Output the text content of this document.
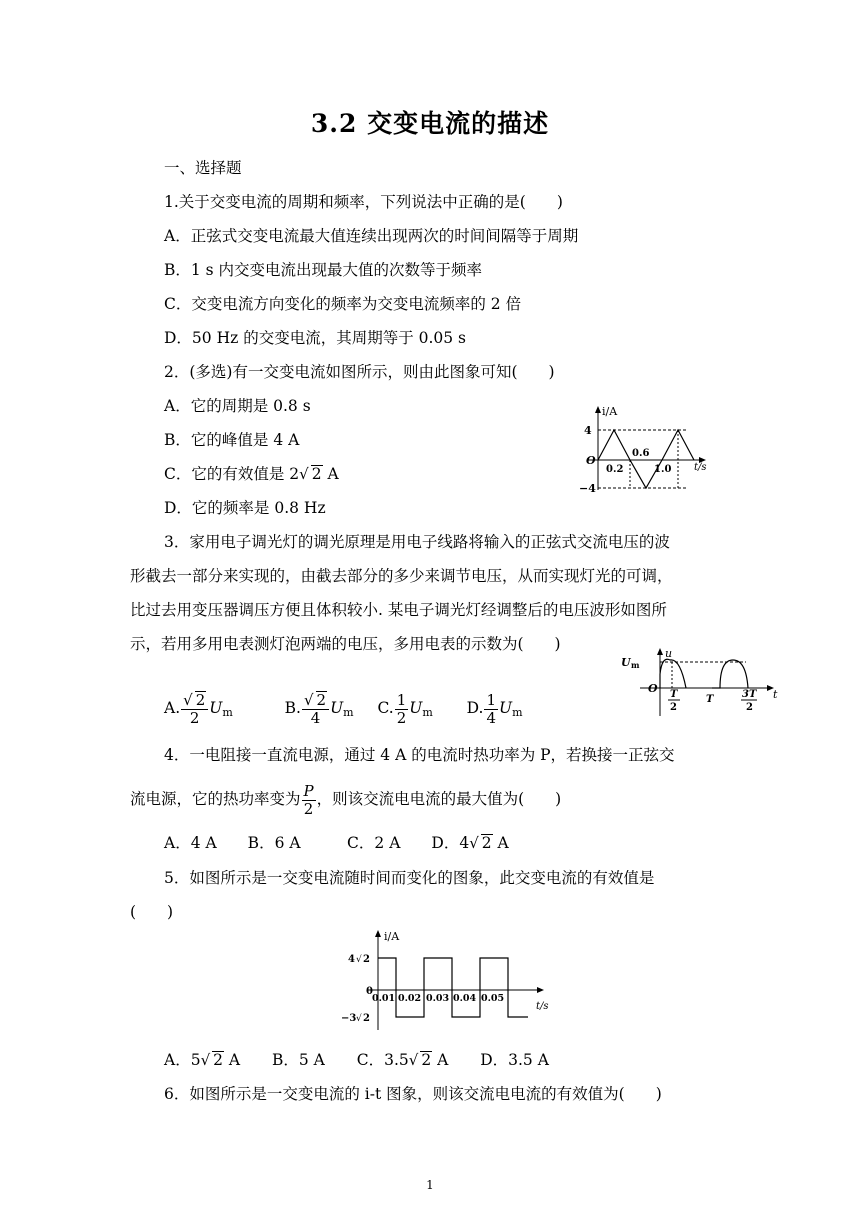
3.2 交变电流的描述
一、选择题
1.关于交变电流的周期和频率，下列说法中正确的是(　　)
A．正弦式交变电流最大值连续出现两次的时间间隔等于周期
B．1 s 内交变电流出现最大值的次数等于频率
C．交变电流方向变化的频率为交变电流频率的 2 倍
D．50 Hz 的交变电流，其周期等于 0.05 s
2．(多选)有一交变电流如图所示，则由此图象可知(　　)
A．它的周期是 0.8 s
B．它的峰值是 4 A
C．它的有效值是 2√ 2 A
D．它的频率是 0.8 Hz
i/A
t/s
4
−4
O
0.2
0.6
1.0
3．家用电子调光灯的调光原理是用电子线路将输入的正弦式交流电压的波
形截去一部分来实现的，由截去部分的多少来调节电压，从而实现灯光的可调，
比过去用变压器调压方便且体积较小. 某电子调光灯经调整后的电压波形如图所
示，若用多用电表测灯泡两端的电压，多用电表的示数为(　　)
u
t
U m
O T
2
T	3T
2
A. $\frac{√ 2}{2} U_m$	B. $\frac{√ 2}{4} U_m$ C. $\frac{1}{2} U_m$ D. $\frac{1}{4} U_m$
4．一电阻接一直流电源，通过 4 A 的电流时热功率为 P，若换接一正弦交
流电源，它的热功率变为 $\frac{P}{2}$ ，则该交流电电流的最大值为(　　)
A．4 A　　B．6 A　　　C．2 A　　D．4√ 2 A
5．如图所示是一交变电流随时间而变化的图象，此交变电流的有效值是
(　　)
i/A
t/s
4 √ 2
−3 √ 2
0
0.01 0.02 0.03 0.04 0.05
A．5√ 2 A B．5 A C．3.5√ 2 A D．3.5 A
6．如图所示是一交变电流的 i-t 图象，则该交流电电流的有效值为(　　)
1
